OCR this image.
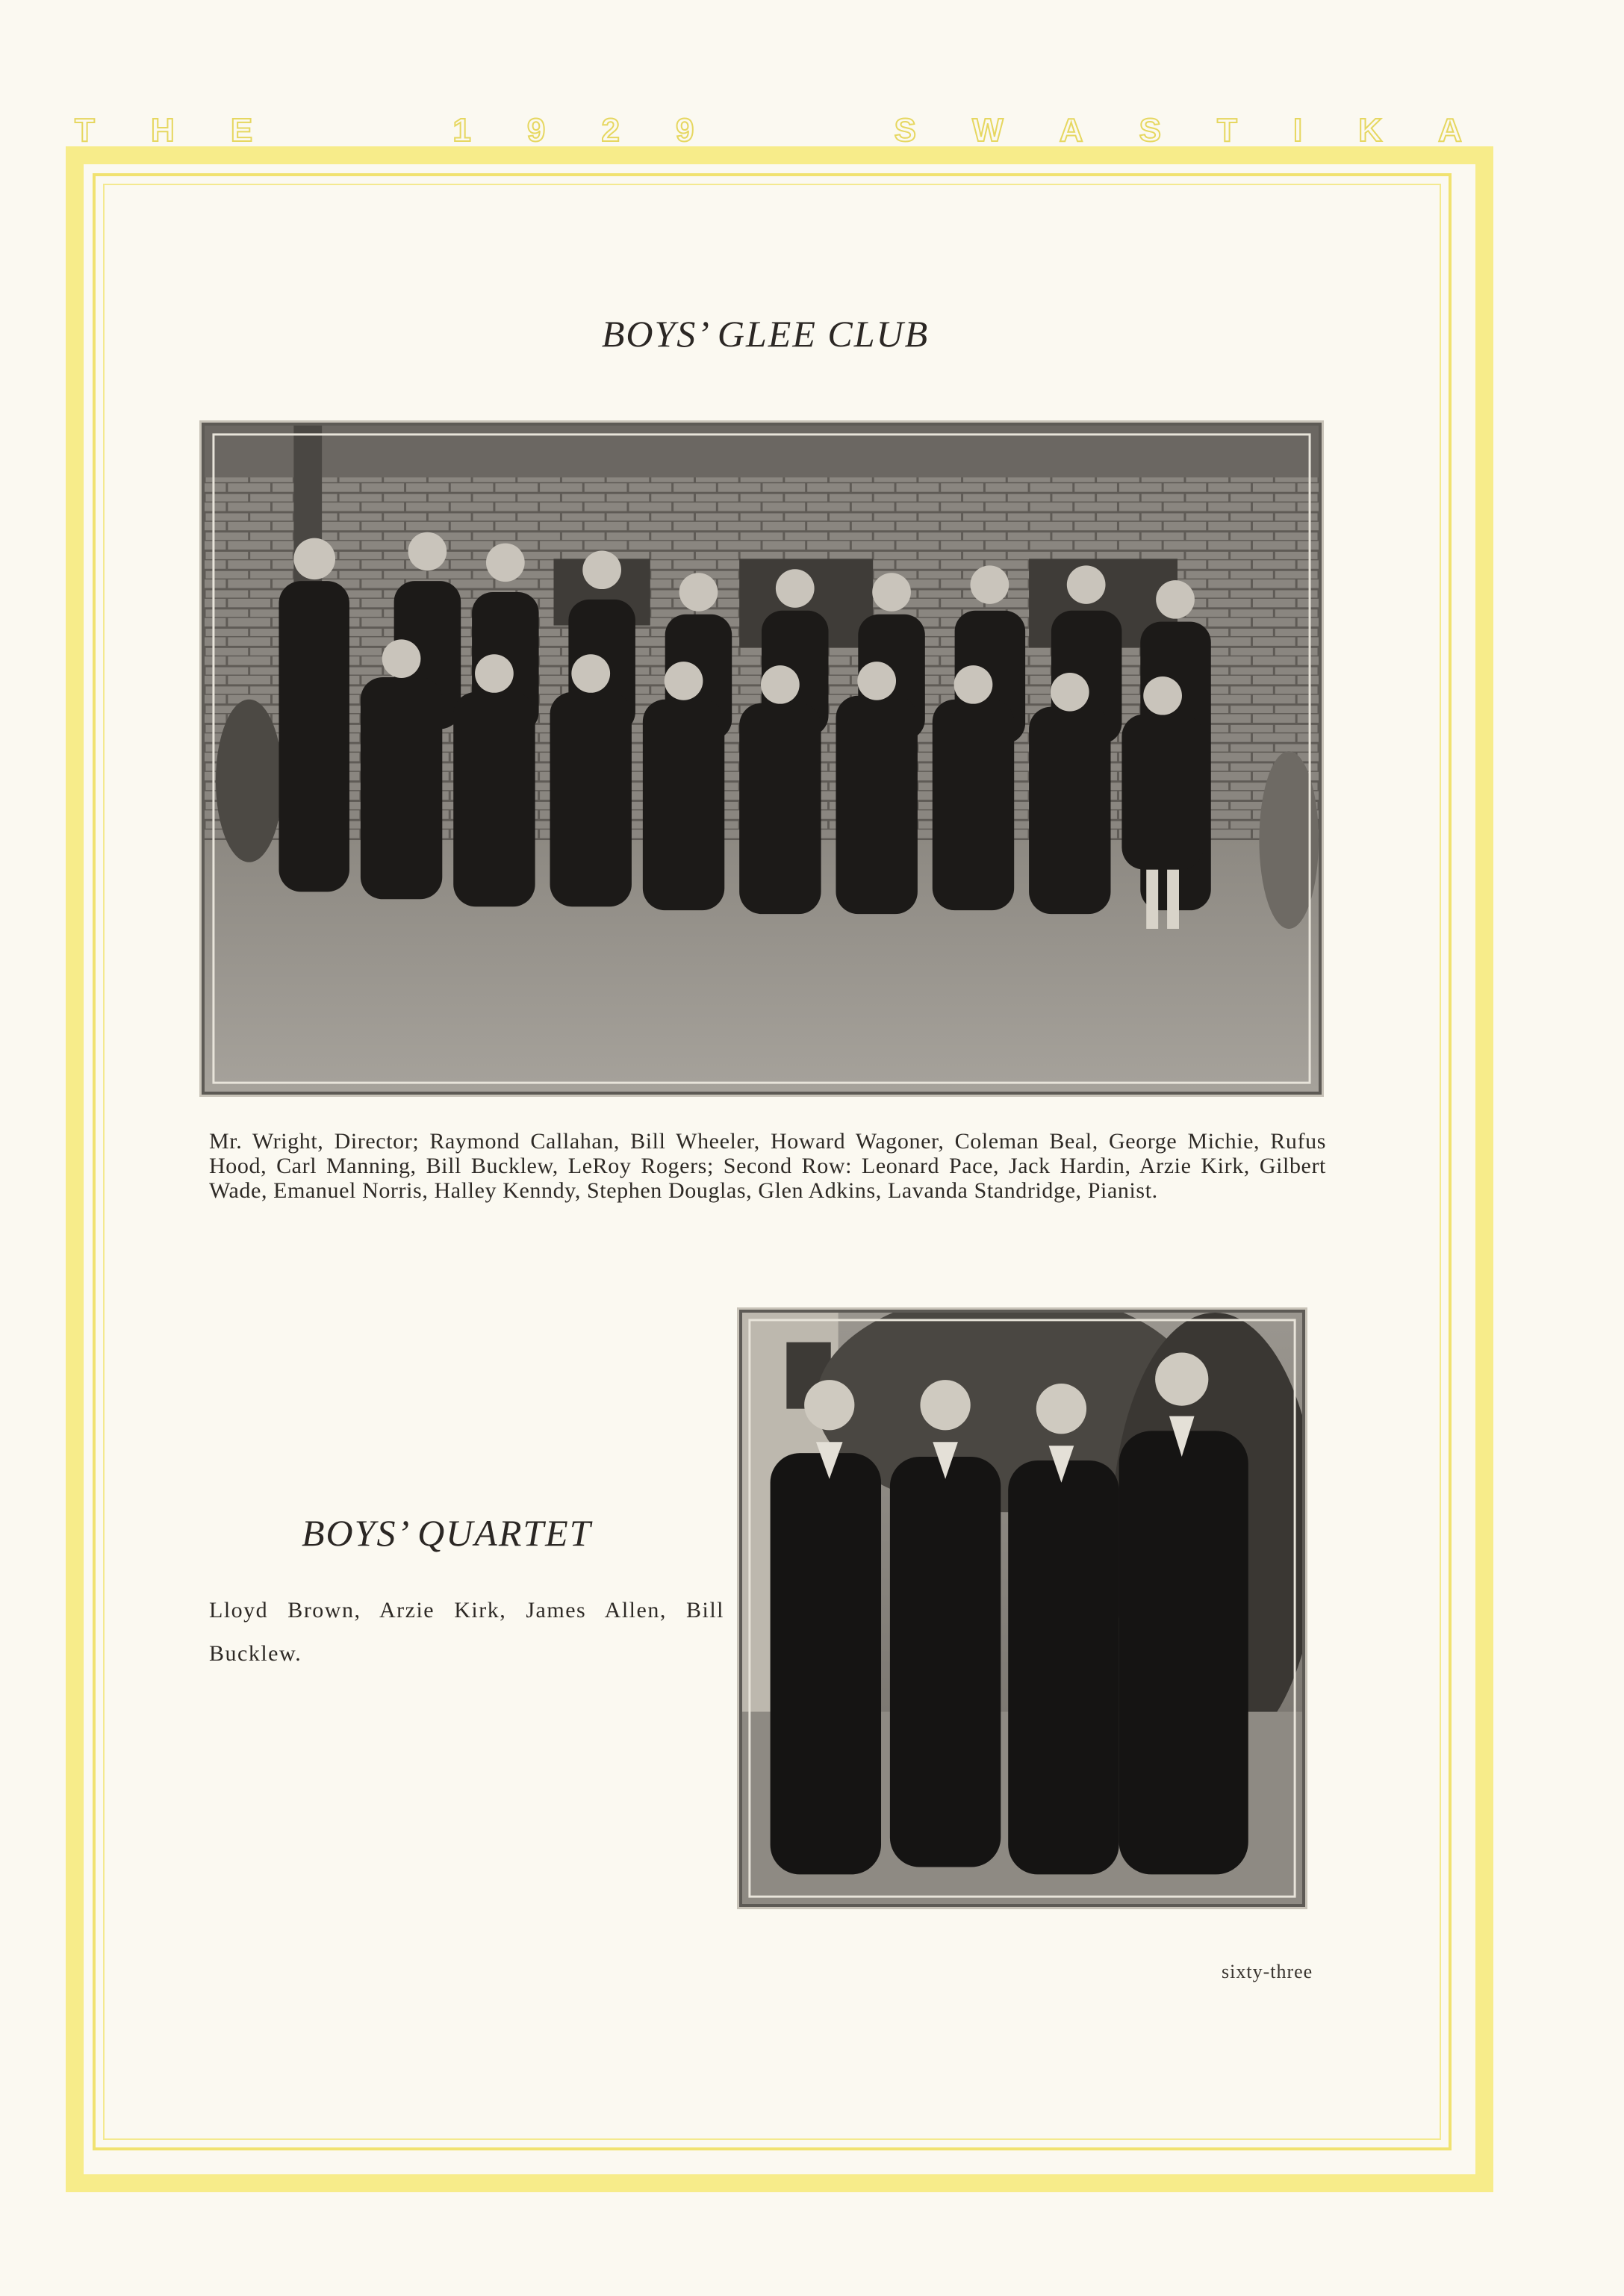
T H E	1 9 2 9	S W A S T I K A
BOYS’ GLEE CLUB
Mr. Wright, Director; Raymond Callahan, Bill Wheeler, Howard Wagoner, Coleman Beal, George Michie, Rufus Hood, Carl Manning, Bill Bucklew, LeRoy Rogers; Second Row: Leonard Pace, Jack Hardin, Arzie Kirk, Gilbert Wade, Emanuel Norris, Halley Kenndy, Stephen Douglas, Glen Adkins, Lavanda Standridge, Pianist.
BOYS’ QUARTET
Lloyd Brown, Arzie Kirk, James Allen, Bill Bucklew.
sixty-three
